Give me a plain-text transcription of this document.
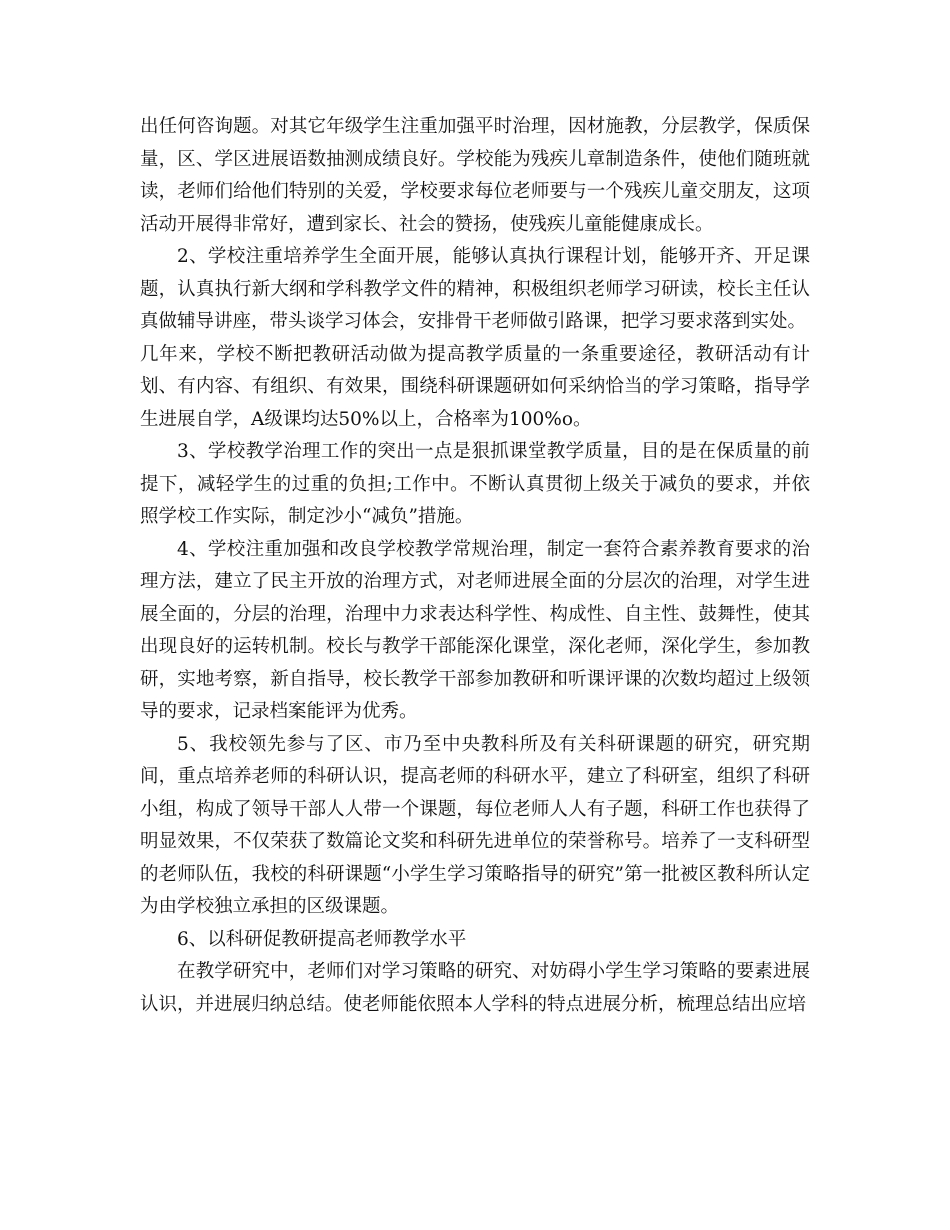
出任何咨询题。对其它年级学生注重加强平时治理，因材施教，分层教学，保质保量，区、学区进展语数抽测成绩良好。学校能为残疾儿章制造条件，使他们随班就读，老师们给他们特别的关爱，学校要求每位老师要与一个残疾儿童交朋友，这项活动开展得非常好，遭到家长、社会的赞扬，使残疾儿童能健康成长。

2、学校注重培养学生全面开展，能够认真执行课程计划，能够开齐、开足课题，认真执行新大纲和学科教学文件的精神，积极组织老师学习研读，校长主任认真做辅导讲座，带头谈学习体会，安排骨干老师做引路课，把学习要求落到实处。

几年来，学校不断把教研活动做为提高教学质量的一条重要途径，教研活动有计划、有内容、有组织、有效果，围绕科研课题研如何采纳恰当的学习策略，指导学生进展自学，A级课均达50%以上，合格率为100%o。

3、学校教学治理工作的突出一点是狠抓课堂教学质量，目的是在保质量的前提下，减轻学生的过重的负担;工作中。不断认真贯彻上级关于减负的要求，并依照学校工作实际，制定沙小“减负”措施。

4、学校注重加强和改良学校教学常规治理，制定一套符合素养教育要求的治理方法，建立了民主开放的治理方式，对老师进展全面的分层次的治理，对学生进展全面的，分层的治理，治理中力求表达科学性、构成性、自主性、鼓舞性，使其出现良好的运转机制。校长与教学干部能深化课堂，深化老师，深化学生，参加教研，实地考察，新自指导，校长教学干部参加教研和听课评课的次数均超过上级领导的要求，记录档案能评为优秀。

5、我校领先参与了区、市乃至中央教科所及有关科研课题的研究，研究期间，重点培养老师的科研认识，提高老师的科研水平，建立了科研室，组织了科研小组，构成了领导干部人人带一个课题，每位老师人人有子题，科研工作也获得了明显效果，不仅荣获了数篇论文奖和科研先进单位的荣誉称号。培养了一支科研型的老师队伍，我校的科研课题“小学生学习策略指导的研究”第一批被区教科所认定为由学校独立承担的区级课题。

6、以科研促教研提高老师教学水平

在教学研究中，老师们对学习策略的研究、对妨碍小学生学习策略的要素进展认识，并进展归纳总结。使老师能依照本人学科的特点进展分析，梳理总结出应培
